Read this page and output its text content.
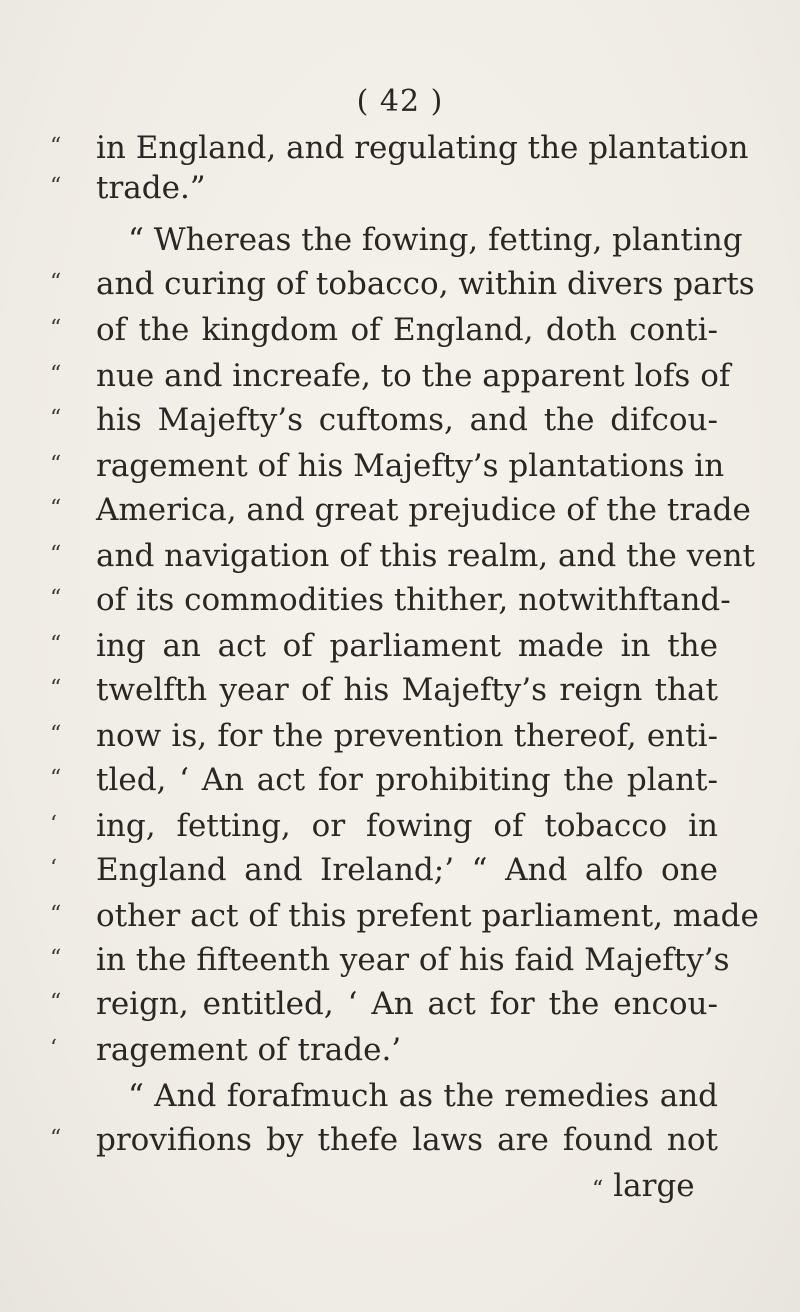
( 42 )
“ in England, and regulating the plantation
“ trade.”
“ Whereas the fowing, fetting, planting
“ and curing of tobacco, within divers parts
“ of the kingdom of England, doth conti-
“ nue and increafe, to the apparent lofs of
“ his Majefty’s cuftoms, and the difcou-
“ ragement of his Majefty’s plantations in
“ America, and great prejudice of the trade
“ and navigation of this realm, and the vent
“ of its commodities thither, notwithftand-
“ ing an act of parliament made in the
“ twelfth year of his Majefty’s reign that
“ now is, for the prevention thereof, enti-
“ tled, ‘ An act for prohibiting the plant-
‘ ing, fetting, or fowing of tobacco in
‘ England and Ireland;’ “ And alfo one
“ other act of this prefent parliament, made
“ in the fifteenth year of his faid Majefty’s
“ reign, entitled, ‘ An act for the encou-
‘ ragement of trade.’
“ And forafmuch as the remedies and
“ provifions by thefe laws are found not
“ large
